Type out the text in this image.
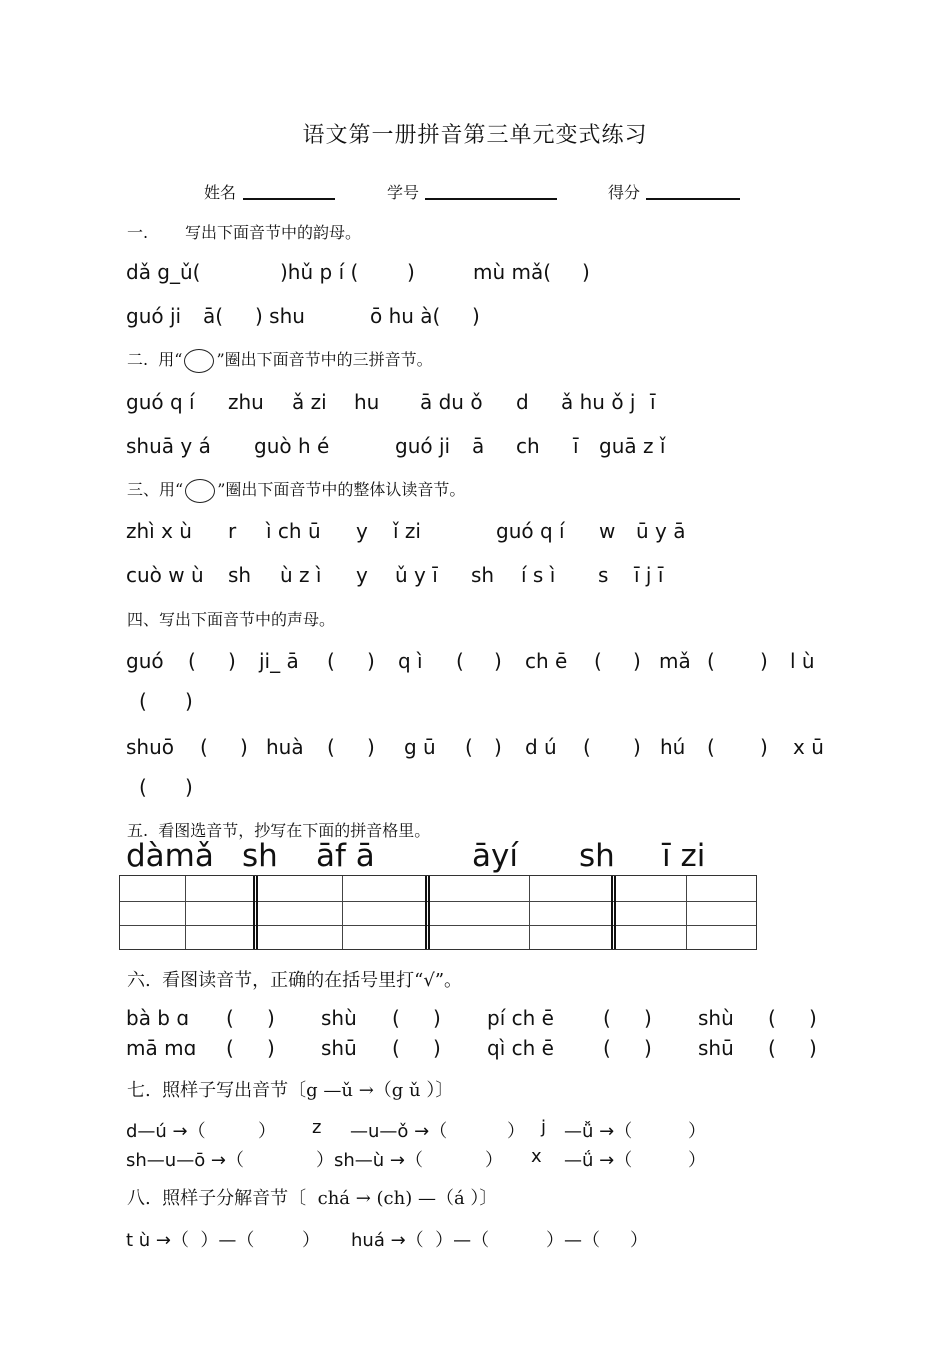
语文第一册拼音第三单元变式练习
姓名	学号	得分
一. 写出下面音节中的韵母。
dǎ g_ǔ(	)hǔ p í ( )	mù mǎ( )
guó ji ā( ) shu	ō hu à( )
二.  用“ ”圈出下面音节中的三拼音节。
guó q í zhu ǎ zi hu ā du ǒ d ǎ hu ǒ j ī
shuā y á guò h é	guó ji ā ch ī guā z ǐ
三、用“ ”圈出下面音节中的整体认读音节。
zhì x ù r ì ch ū y ǐ zi	guó q í w ū y ā
cuò w ù sh ù z ì y ǔ y ī sh í s ì s ī j ī
四、写出下面音节中的声母。
guó ( ) ji_ ā ( ) q ì ( ) ch ē ( ) mǎ ( ) l ù
(      )
shuō ( ) huà ( ) g ū ( ) d ú ( ) hú ( ) x ū
(      )
五.  看图选音节，抄写在下面的拼音格里。
dàmǎ sh āf ā	āyí sh ī zi
六.  看图读音节，正确的在括号里打“√”。
bà b ɑ ( ) shù ( ) pí ch ē ( ) shù ( )
mā mɑ ( ) shū ( ) qì ch ē ( ) shū ( )
七.  照样子写出音节〔g —ǔ →（g ǔ ）〕
d—ú →（	） z —u—ǒ →（	） j —ǚ →（	）
sh—u—ō →（	）sh—ù →（	） x —ǘ →（	）
八.  照样子分解音节〔  chá → (ch) —（á ）〕
t ù →（  ）—（	） huá →（  ）—（	）—（ ）
